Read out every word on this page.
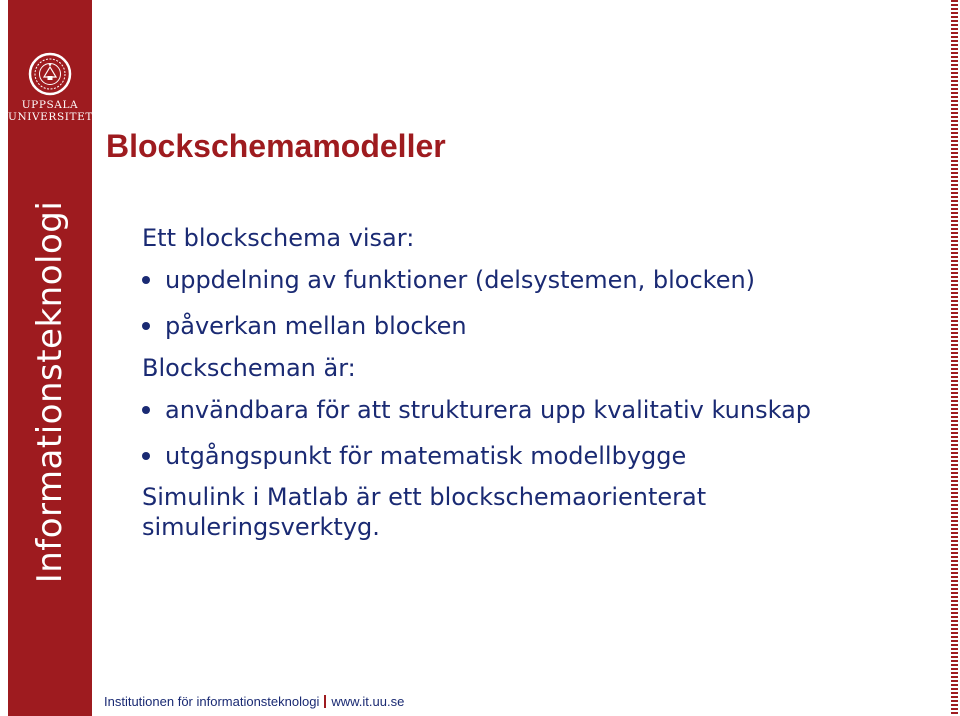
UPPSALA
UNIVERSITET
Informationsteknologi
Blockschemamodeller

Ett blockschema visar:

uppdelning av funktioner (delsystemen, blocken)
påverkan mellan blocken

Blockscheman är:

användbara för att strukturera upp kvalitativ kunskap
utgångspunkt för matematisk modellbygge

Simulink i Matlab är ett blockschemaorienterat simuleringsverktyg.

Institutionen för informationsteknologi www.it.uu.se
